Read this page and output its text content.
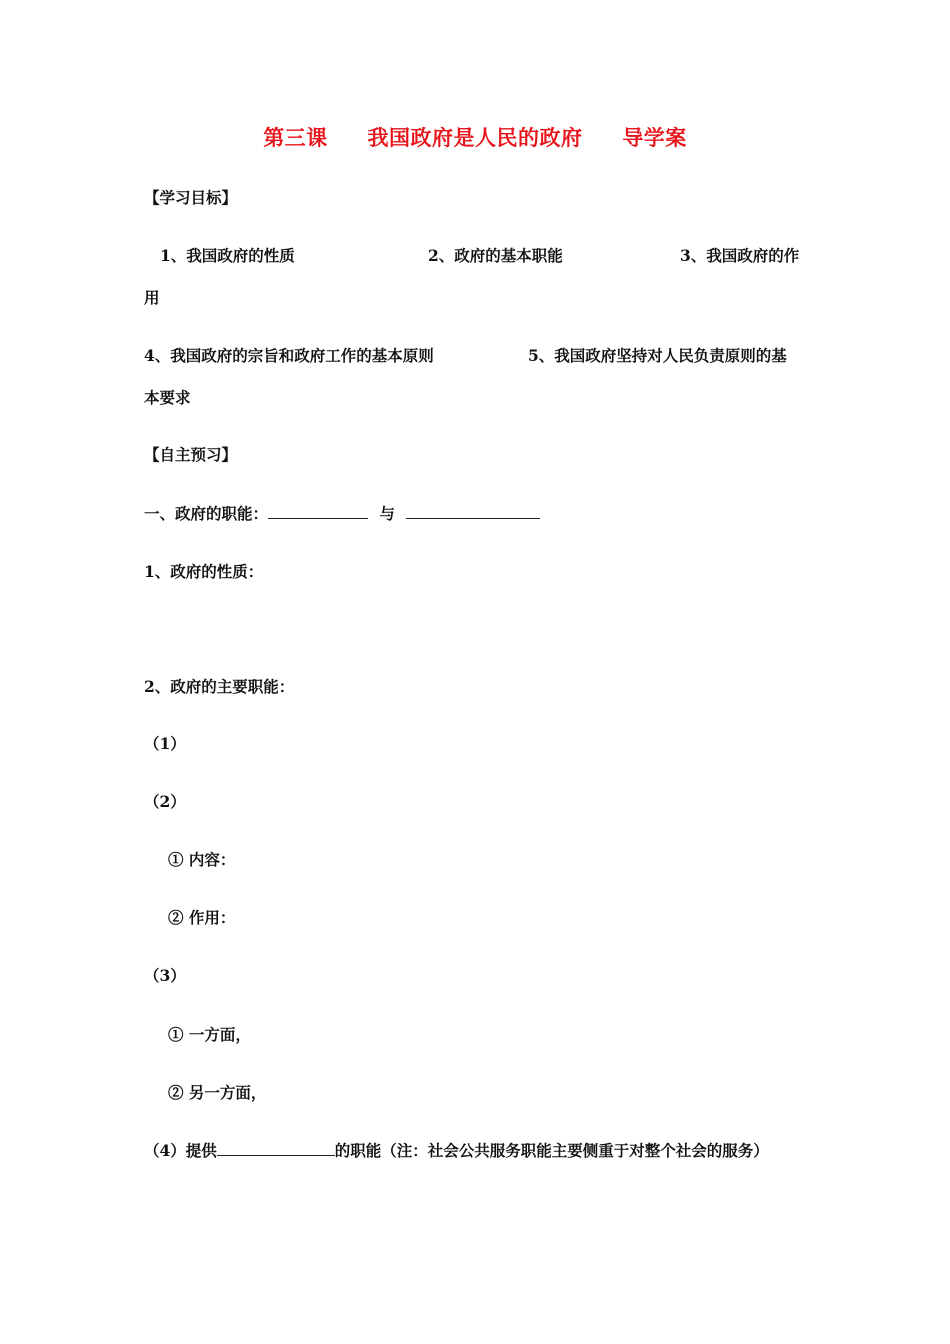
第三课 我国政府是人民的政府 导学案
【学习目标】
1、我国政府的性质	2、政府的基本职能	3、我国政府的作
用
4、我国政府的宗旨和政府工作的基本原则	5、我国政府坚持对人民负责原则的基
本要求
【自主预习】
一、政府的职能：	与
1、政府的性质：
2、政府的主要职能：
（1）
（2）
① 内容：
② 作用：
（3）
① 一方面，
② 另一方面，
（4）提供	的职能（注：社会公共服务职能主要侧重于对整个社会的服务）
